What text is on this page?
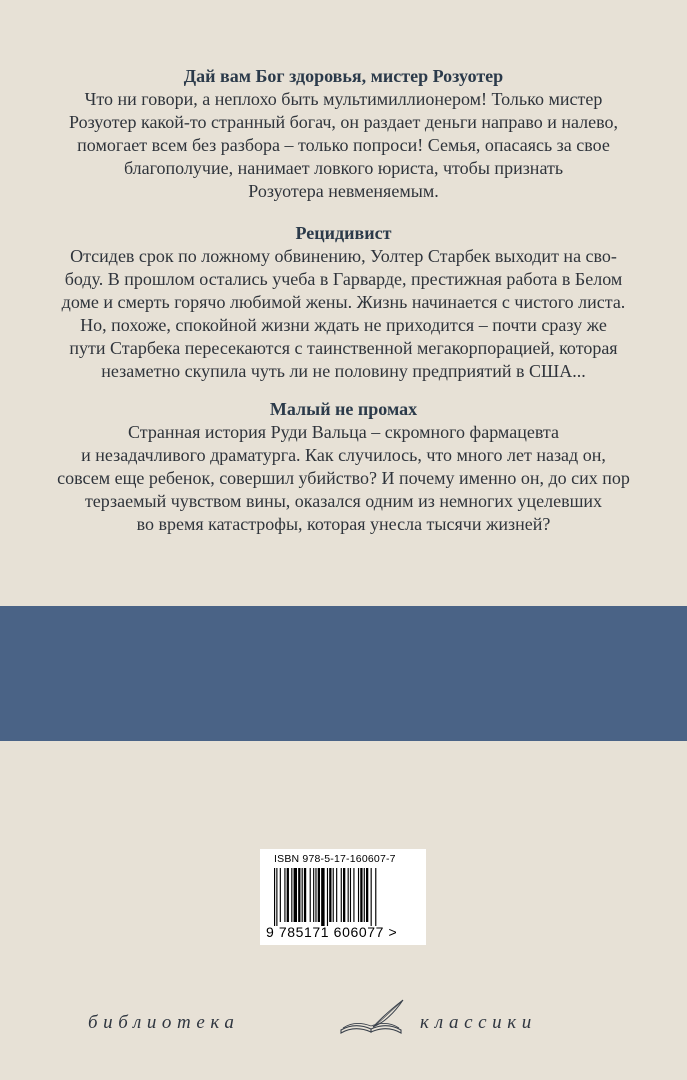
Дай вам Бог здоровья, мистер Розуотер

Что ни говори, а неплохо быть мультимиллионером! Только мистер
Розуотер какой-то странный богач, он раздает деньги направо и налево,
помогает всем без разбора – только попроси! Семья, опасаясь за свое
благополучие, нанимает ловкого юриста, чтобы признать
Розуотера невменяемым.

Рецидивист

Отсидев срок по ложному обвинению, Уолтер Старбек выходит на сво-
боду. В прошлом остались учеба в Гарварде, престижная работа в Белом
доме и смерть горячо любимой жены. Жизнь начинается с чистого листа.
Но, похоже, спокойной жизни ждать не приходится – почти сразу же
пути Старбека пересекаются с таинственной мегакорпорацией, которая
незаметно скупила чуть ли не половину предприятий в США...

Малый не промах

Странная история Руди Вальца – скромного фармацевта
и незадачливого драматурга. Как случилось, что много лет назад он,
совсем еще ребенок, совершил убийство? И почему именно он, до сих пор
терзаемый чувством вины, оказался одним из немногих уцелевших
во время катастрофы, которая унесла тысячи жизней?

ISBN 978-5-17-160607-7
9 785171 606077 >
библиотека	классики
